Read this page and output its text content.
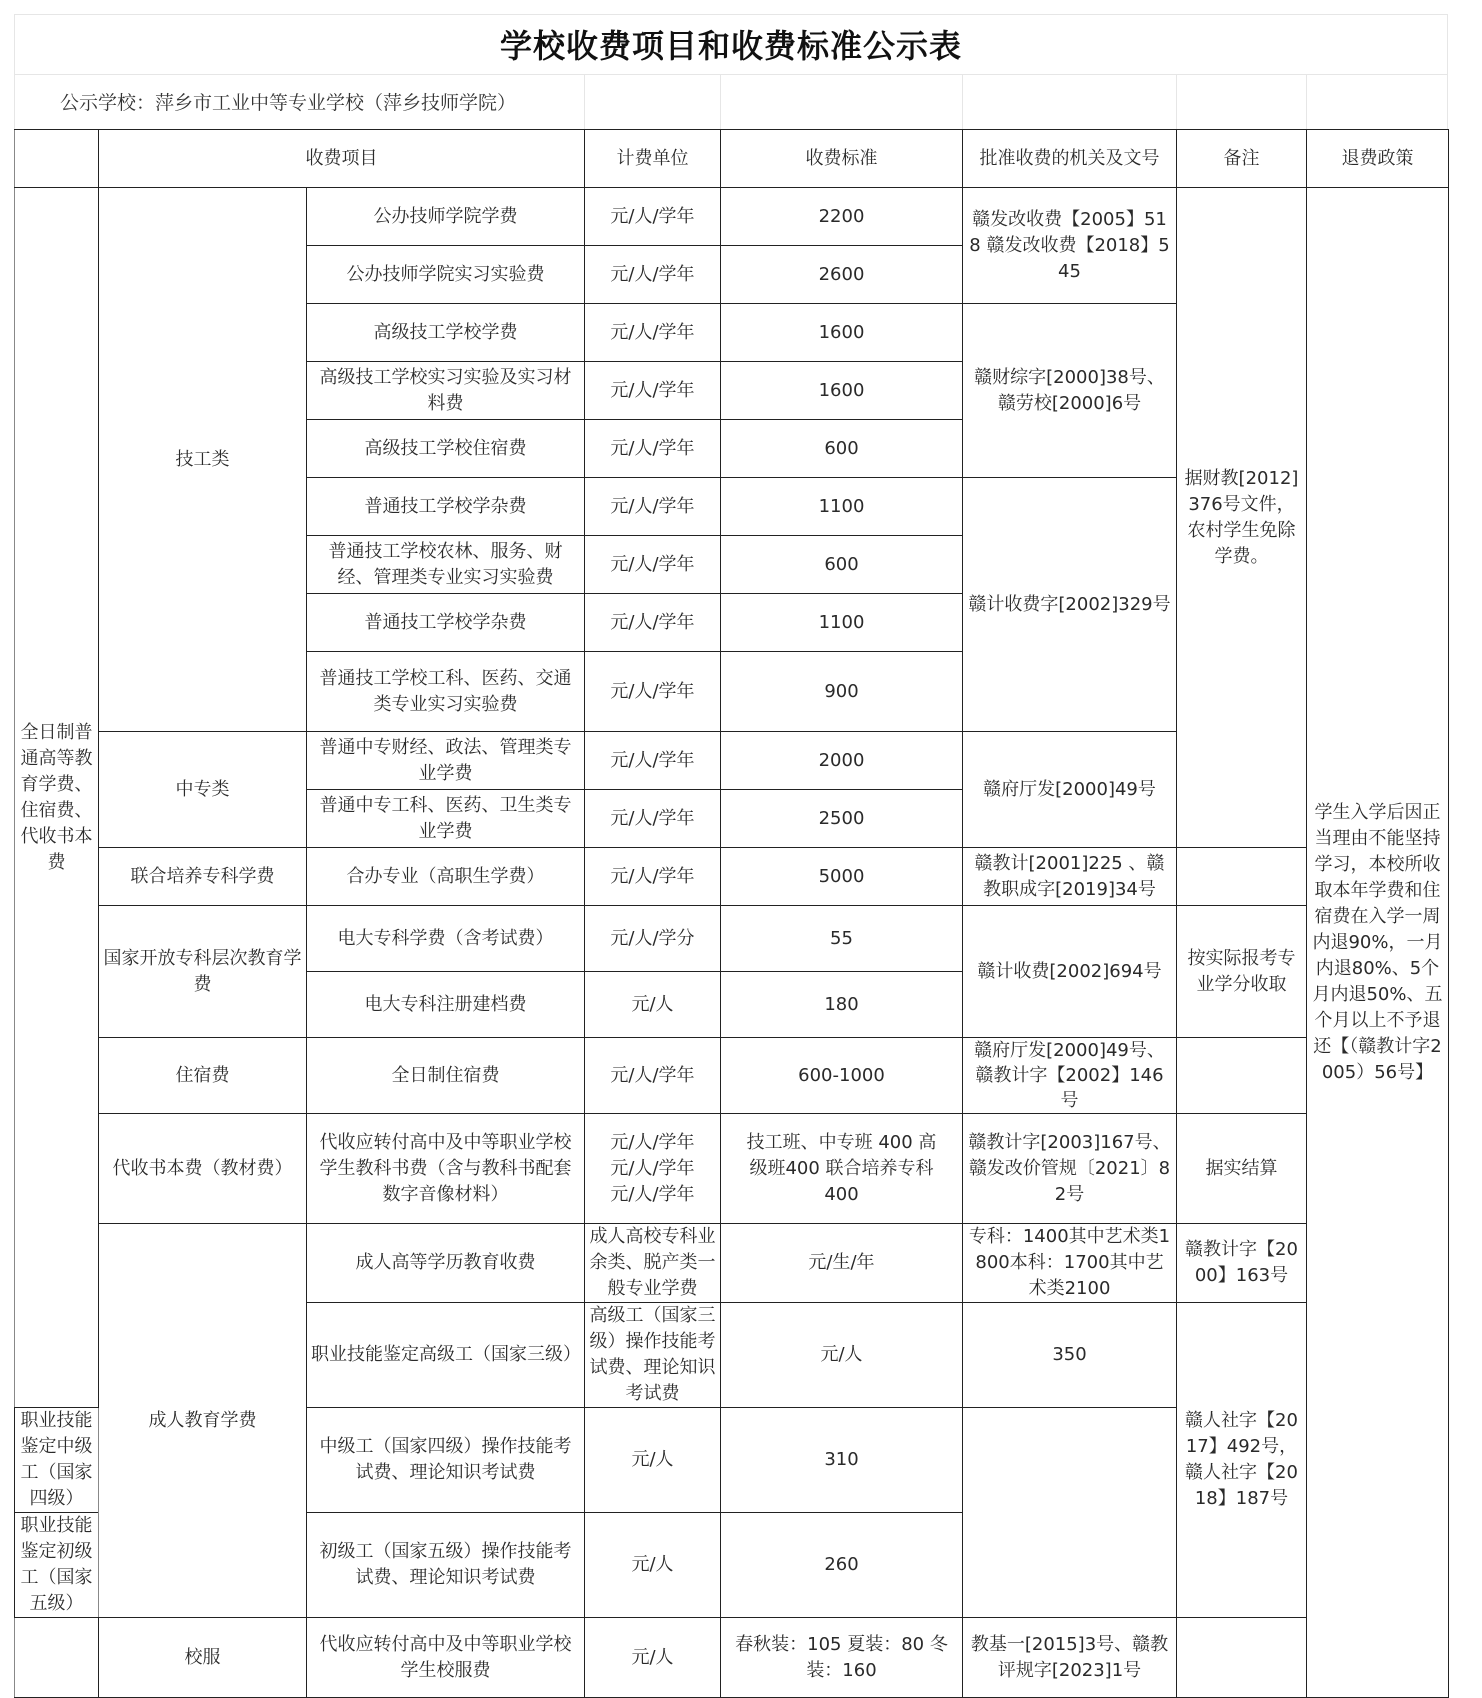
学校收费项目和收费标准公示表
公示学校：萍乡市工业中等专业学校（萍乡技师学院）
	收费项目		计费单位	收费标准	批准收费的机关及文号	备注	退费政策	
全日制普通高等教育学费、住宿费、代收书本费	技工类	公办技师学院学费	元/人/学年	2200	赣发改收费【2005】518 赣发改收费【2018】545	据财教[2012]376号文件，农村学生免除学费。	学生入学后因正当理由不能坚持学习，本校所收取本年学费和住宿费在入学一周内退90%，一月内退80%、5个月内退50%、五个月以上不予退还【（赣教计字2005）56号】	
		公办技师学院实习实验费	元/人/学年	2600				
		高级技工学校学费	元/人/学年	1600	赣财综字[2000]38号、赣劳校[2000]6号			
		高级技工学校实习实验及实习材料费	元/人/学年	1600				
		高级技工学校住宿费	元/人/学年	600				
		普通技工学校学杂费	元/人/学年	1100	赣计收费字[2002]329号			
		普通技工学校农林、服务、财经、管理类专业实习实验费	元/人/学年	600				
		普通技工学校学杂费	元/人/学年	1100				
		普通技工学校工科、医药、交通类专业实习实验费	元/人/学年	900				
	中专类	普通中专财经、政法、管理类专业学费	元/人/学年	2000	赣府厅发[2000]49号			
		普通中专工科、医药、卫生类专业学费	元/人/学年	2500				
	联合培养专科学费	合办专业（高职生学费）	元/人/学年	5000	赣教计[2001]225 、赣教职成字[2019]34号			
	国家开放专科层次教育学费	电大专科学费（含考试费）	元/人/学分	55	赣计收费[2002]694号	按实际报考专业学分收取		
		电大专科注册建档费	元/人	180				
	住宿费	全日制住宿费	元/人/学年	600-1000	赣府厅发[2000]49号、赣教计字【2002】146号			
	代收书本费（教材费）	代收应转付高中及中等职业学校学生教科书费（含与教科书配套数字音像材料）	元/人/学年 元/人/学年 元/人/学年	技工班、中专班 400 高级班400 联合培养专科 400	赣教计字[2003]167号、赣发改价管规〔2021〕82号	据实结算		
	成人教育学费	成人高等学历教育收费	成人高校专科业余类、脱产类一般专业学费	元/生/年	专科：1400其中艺术类1800本科：1700其中艺术类2100	赣教计字【2000】163号		
		职业技能鉴定高级工（国家三级）	高级工（国家三级）操作技能考试费、理论知识考试费	元/人	350	赣人社字【2017】492号，赣人社字【2018】187号		
职业技能鉴定中级工（国家四级）		中级工（国家四级）操作技能考试费、理论知识考试费	元/人	310				
职业技能鉴定初级工（国家五级）		初级工（国家五级）操作技能考试费、理论知识考试费	元/人	260				
	校服	代收应转付高中及中等职业学校学生校服费	元/人	春秋装：105 夏装：80 冬装：160	教基一[2015]3号、赣教评规字[2023]1号			
